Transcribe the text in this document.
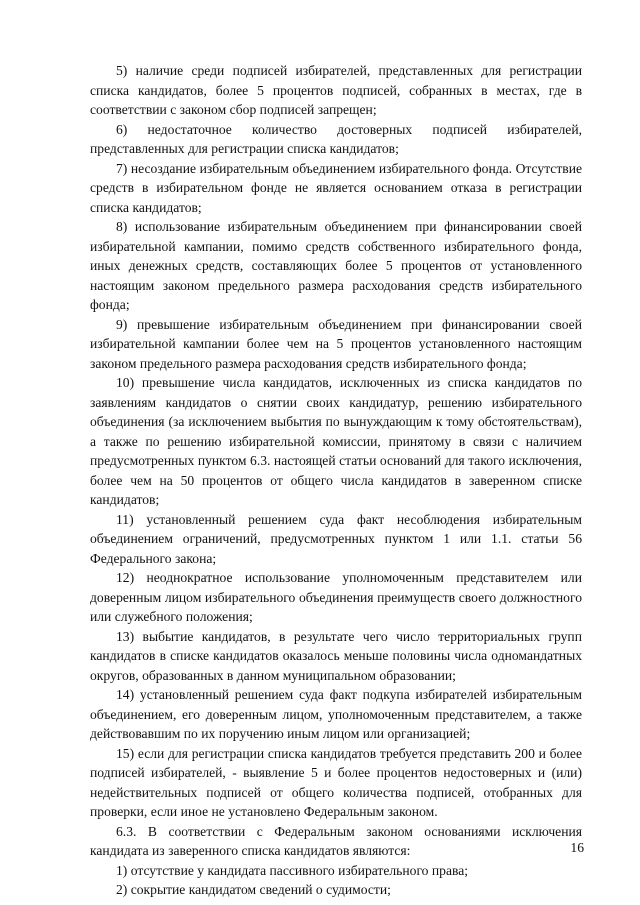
5) наличие среди подписей избирателей, представленных для регистрации списка кандидатов, более 5 процентов подписей, собранных в местах, где в соответствии с законом сбор подписей запрещен;

6) недостаточное количество достоверных подписей избирателей, представленных для регистрации списка кандидатов;

7) несоздание избирательным объединением избирательного фонда. Отсутствие средств в избирательном фонде не является основанием отказа в регистрации списка кандидатов;

8) использование избирательным объединением при финансировании своей избирательной кампании, помимо средств собственного избирательного фонда, иных денежных средств, составляющих более 5 процентов от установленного настоящим законом предельного размера расходования средств избирательного фонда;

9) превышение избирательным объединением при финансировании своей избирательной кампании более чем на 5 процентов установленного настоящим законом предельного размера расходования средств избирательного фонда;

10) превышение числа кандидатов, исключенных из списка кандидатов по заявлениям кандидатов о снятии своих кандидатур, решению избирательного объединения (за исключением выбытия по вынуждающим к тому обстоятельствам), а также по решению избирательной комиссии, принятому в связи с наличием предусмотренных пунктом 6.3. настоящей статьи оснований для такого исключения, более чем на 50 процентов от общего числа кандидатов в заверенном списке кандидатов;

11) установленный решением суда факт несоблюдения избирательным объединением ограничений, предусмотренных пунктом 1 или 1.1. статьи 56 Федерального закона;

12) неоднократное использование уполномоченным представителем или доверенным лицом избирательного объединения преимуществ своего должностного или служебного положения;

13) выбытие кандидатов, в результате чего число территориальных групп кандидатов в списке кандидатов оказалось меньше половины числа одномандатных округов, образованных в данном муниципальном образовании;

14) установленный решением суда факт подкупа избирателей избирательным объединением, его доверенным лицом, уполномоченным представителем, а также действовавшим по их поручению иным лицом или организацией;

15) если для регистрации списка кандидатов требуется представить 200 и более подписей избирателей, - выявление 5 и более процентов недостоверных и (или) недействительных подписей от общего количества подписей, отобранных для проверки, если иное не установлено Федеральным законом.

6.3. В соответствии с Федеральным законом основаниями исключения кандидата из заверенного списка кандидатов являются:

1) отсутствие у кандидата пассивного избирательного права;

2) сокрытие кандидатом сведений о судимости;

16
